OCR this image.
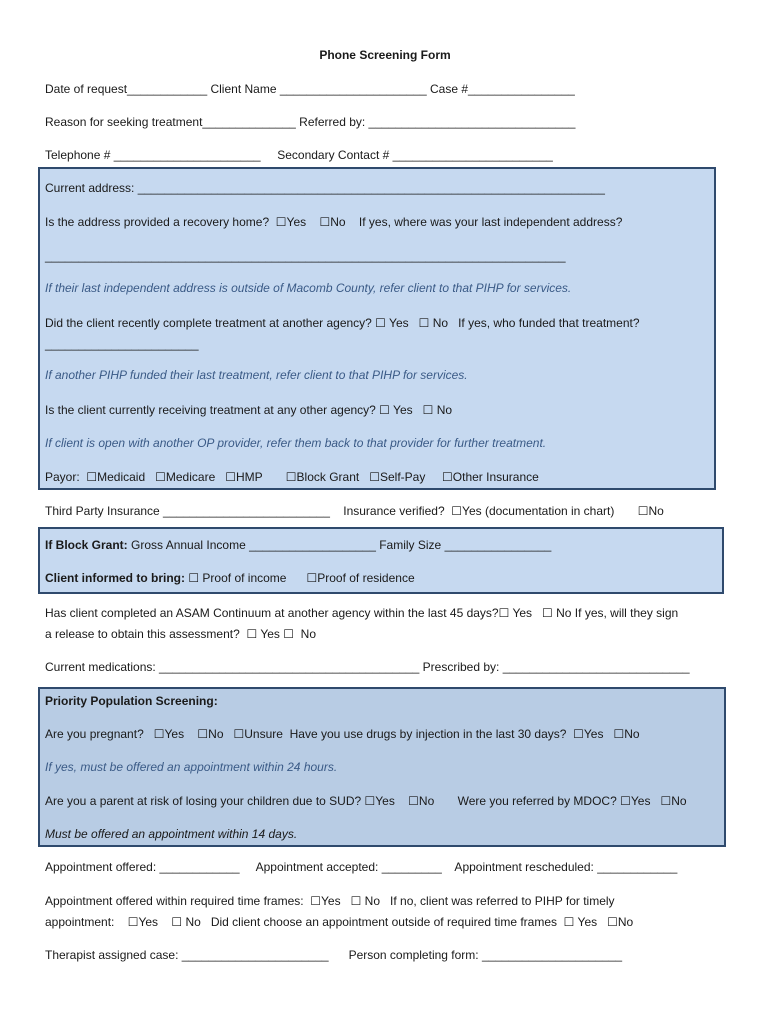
Phone Screening Form
Date of request____________ Client Name ______________________ Case #________________
Reason for seeking treatment______________ Referred by: _______________________________
Telephone # ______________________     Secondary Contact # ________________________
Current address: ______________________________________________________________________
Is the address provided a recovery home?  ☐Yes    ☐No    If yes, where was your last independent address?
______________________________________________________________________________
If their last independent address is outside of Macomb County, refer client to that PIHP for services.
Did the client recently complete treatment at another agency? ☐ Yes   ☐ No   If yes, who funded that treatment?
_______________________
If another PIHP funded their last treatment, refer client to that PIHP for services.
Is the client currently receiving treatment at any other agency? ☐ Yes   ☐ No
If client is open with another OP provider, refer them back to that provider for further treatment.
Payor:  ☐Medicaid   ☐Medicare   ☐HMP       ☐Block Grant   ☐Self-Pay     ☐Other Insurance
Third Party Insurance _________________________    Insurance verified?  ☐Yes (documentation in chart)       ☐No
If Block Grant: Gross Annual Income ___________________ Family Size ________________
Client informed to bring: ☐ Proof of income      ☐Proof of residence
Has client completed an ASAM Continuum at another agency within the last 45 days?☐ Yes   ☐ No If yes, will they sign
a release to obtain this assessment?  ☐ Yes ☐  No
Current medications: _______________________________________ Prescribed by: ____________________________
Priority Population Screening:
Are you pregnant?   ☐Yes    ☐No   ☐Unsure  Have you use drugs by injection in the last 30 days?  ☐Yes   ☐No
If yes, must be offered an appointment within 24 hours.
Are you a parent at risk of losing your children due to SUD? ☐Yes    ☐No       Were you referred by MDOC? ☐Yes   ☐No
Must be offered an appointment within 14 days.
Appointment offered: ____________     Appointment accepted: _________    Appointment rescheduled: ____________
Appointment offered within required time frames:  ☐Yes   ☐ No   If no, client was referred to PIHP for timely
appointment:    ☐Yes    ☐ No   Did client choose an appointment outside of required time frames  ☐ Yes   ☐No
Therapist assigned case: ______________________      Person completing form: _____________________
